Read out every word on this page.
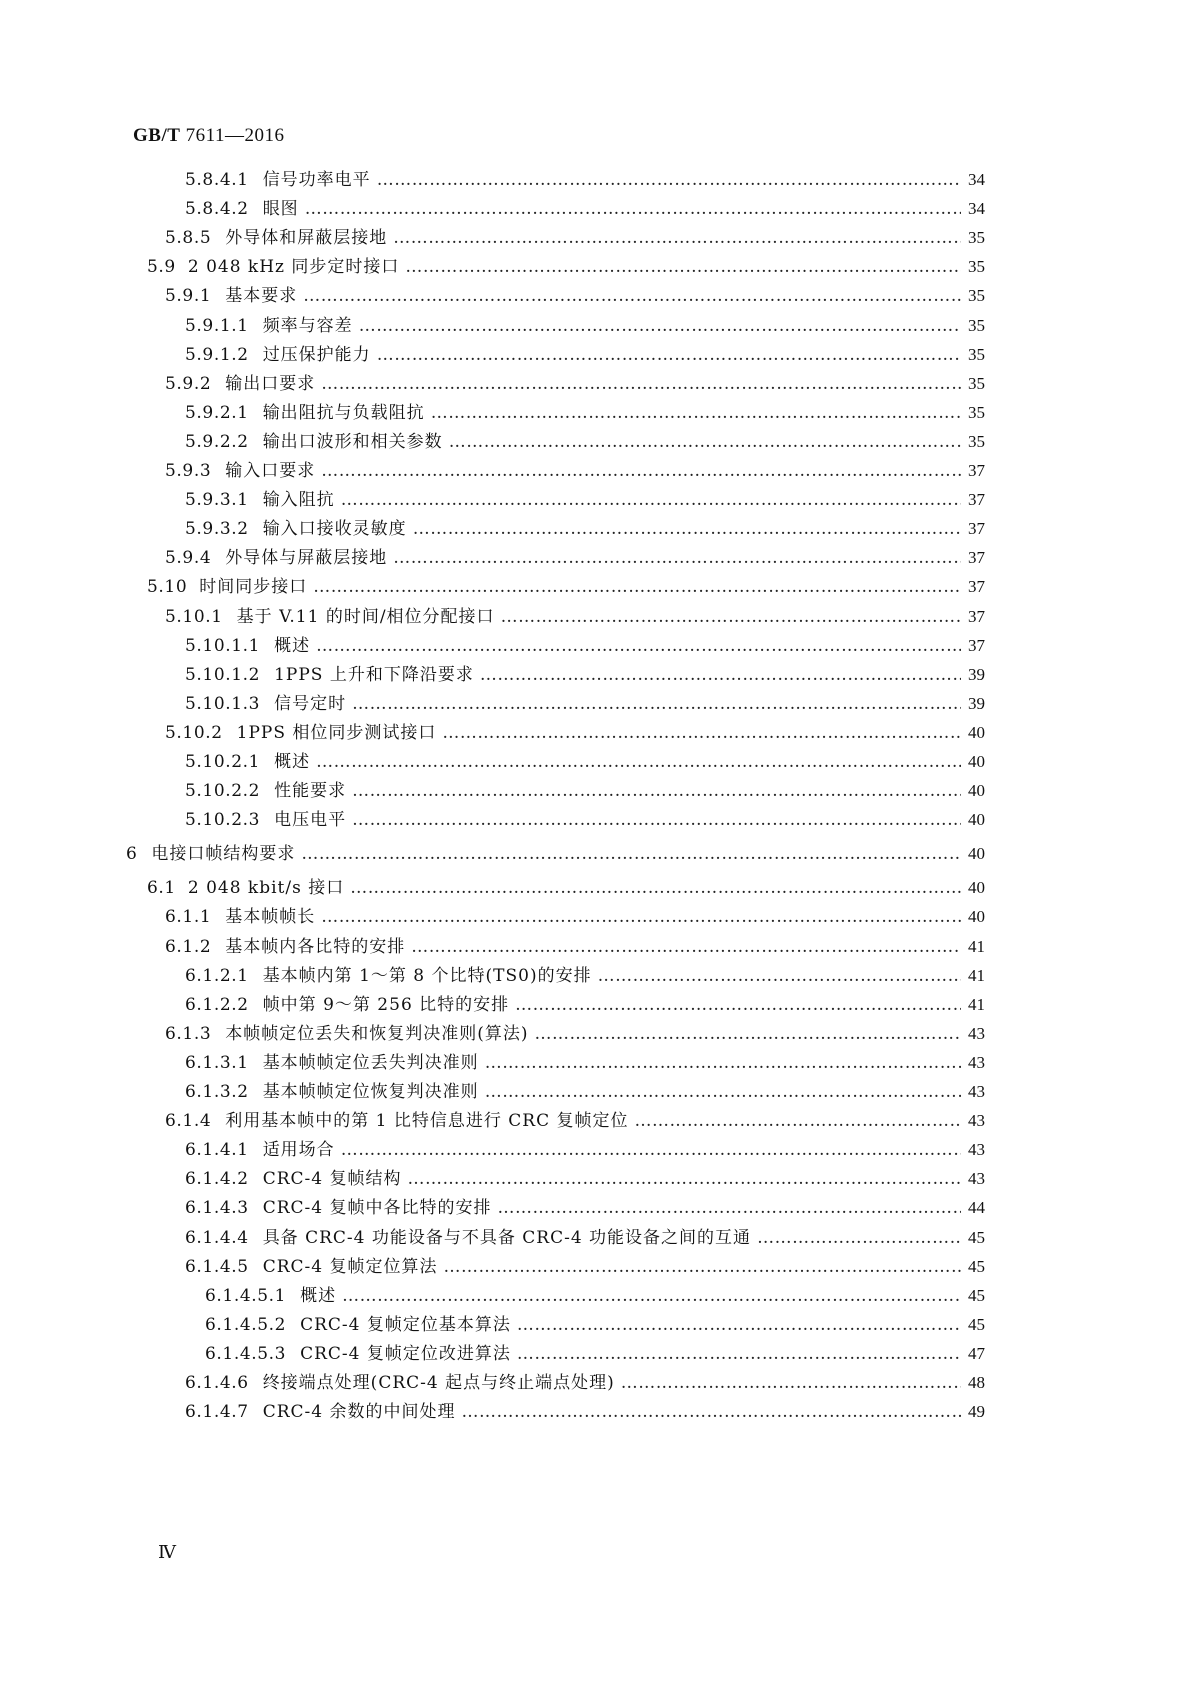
GB/T 7611—2016
5.8.4.1 信号功率电平 ………………………………………………………………………………………………………………………………………………………………………………………………………………………………………………………………………	34
5.8.4.2 眼图 ………………………………………………………………………………………………………………………………………………………………………………………………………………………………………………………………………	34
5.8.5 外导体和屏蔽层接地 ………………………………………………………………………………………………………………………………………………………………………………………………………………………………………………………………………	35
5.9 2 048 kHz 同步定时接口 ………………………………………………………………………………………………………………………………………………………………………………………………………………………………………………………………………	35
5.9.1 基本要求 ………………………………………………………………………………………………………………………………………………………………………………………………………………………………………………………………………	35
5.9.1.1 频率与容差 ………………………………………………………………………………………………………………………………………………………………………………………………………………………………………………………………………	35
5.9.1.2 过压保护能力 ………………………………………………………………………………………………………………………………………………………………………………………………………………………………………………………………………	35
5.9.2 输出口要求 ………………………………………………………………………………………………………………………………………………………………………………………………………………………………………………………………………	35
5.9.2.1 输出阻抗与负载阻抗 ………………………………………………………………………………………………………………………………………………………………………………………………………………………………………………………………………	35
5.9.2.2 输出口波形和相关参数 ………………………………………………………………………………………………………………………………………………………………………………………………………………………………………………………………………	35
5.9.3 输入口要求 ………………………………………………………………………………………………………………………………………………………………………………………………………………………………………………………………………	37
5.9.3.1 输入阻抗 ………………………………………………………………………………………………………………………………………………………………………………………………………………………………………………………………………	37
5.9.3.2 输入口接收灵敏度 ………………………………………………………………………………………………………………………………………………………………………………………………………………………………………………………………………	37
5.9.4 外导体与屏蔽层接地 ………………………………………………………………………………………………………………………………………………………………………………………………………………………………………………………………………	37
5.10 时间同步接口 ………………………………………………………………………………………………………………………………………………………………………………………………………………………………………………………………………	37
5.10.1 基于 V.11 的时间/相位分配接口 ………………………………………………………………………………………………………………………………………………………………………………………………………………………………………………………………………	37
5.10.1.1 概述 ………………………………………………………………………………………………………………………………………………………………………………………………………………………………………………………………………	37
5.10.1.2 1PPS 上升和下降沿要求 ………………………………………………………………………………………………………………………………………………………………………………………………………………………………………………………………………	39
5.10.1.3 信号定时 ………………………………………………………………………………………………………………………………………………………………………………………………………………………………………………………………………	39
5.10.2 1PPS 相位同步测试接口 ………………………………………………………………………………………………………………………………………………………………………………………………………………………………………………………………………	40
5.10.2.1 概述 ………………………………………………………………………………………………………………………………………………………………………………………………………………………………………………………………………	40
5.10.2.2 性能要求 ………………………………………………………………………………………………………………………………………………………………………………………………………………………………………………………………………	40
5.10.2.3 电压电平 ………………………………………………………………………………………………………………………………………………………………………………………………………………………………………………………………………	40
6 电接口帧结构要求 ………………………………………………………………………………………………………………………………………………………………………………………………………………………………………………………………………	40
6.1 2 048 kbit/s 接口 ………………………………………………………………………………………………………………………………………………………………………………………………………………………………………………………………………	40
6.1.1 基本帧帧长 ………………………………………………………………………………………………………………………………………………………………………………………………………………………………………………………………………	40
6.1.2 基本帧内各比特的安排 ………………………………………………………………………………………………………………………………………………………………………………………………………………………………………………………………………	41
6.1.2.1 基本帧内第 1～第 8 个比特(TS0)的安排 ………………………………………………………………………………………………………………………………………………………………………………………………………………………………………………………………………	41
6.1.2.2 帧中第 9～第 256 比特的安排 ………………………………………………………………………………………………………………………………………………………………………………………………………………………………………………………………………	41
6.1.3 本帧帧定位丢失和恢复判决准则(算法) ………………………………………………………………………………………………………………………………………………………………………………………………………………………………………………………………………	43
6.1.3.1 基本帧帧定位丢失判决准则 ………………………………………………………………………………………………………………………………………………………………………………………………………………………………………………………………………	43
6.1.3.2 基本帧帧定位恢复判决准则 ………………………………………………………………………………………………………………………………………………………………………………………………………………………………………………………………………	43
6.1.4 利用基本帧中的第 1 比特信息进行 CRC 复帧定位 ………………………………………………………………………………………………………………………………………………………………………………………………………………………………………………………………………	43
6.1.4.1 适用场合 ………………………………………………………………………………………………………………………………………………………………………………………………………………………………………………………………………	43
6.1.4.2 CRC-4 复帧结构 ………………………………………………………………………………………………………………………………………………………………………………………………………………………………………………………………………	43
6.1.4.3 CRC-4 复帧中各比特的安排 ………………………………………………………………………………………………………………………………………………………………………………………………………………………………………………………………………	44
6.1.4.4 具备 CRC-4 功能设备与不具备 CRC-4 功能设备之间的互通 ………………………………………………………………………………………………………………………………………………………………………………………………………………………………………………………………………	45
6.1.4.5 CRC-4 复帧定位算法 ………………………………………………………………………………………………………………………………………………………………………………………………………………………………………………………………………	45
6.1.4.5.1 概述 ………………………………………………………………………………………………………………………………………………………………………………………………………………………………………………………………………	45
6.1.4.5.2 CRC-4 复帧定位基本算法 ………………………………………………………………………………………………………………………………………………………………………………………………………………………………………………………………………	45
6.1.4.5.3 CRC-4 复帧定位改进算法 ………………………………………………………………………………………………………………………………………………………………………………………………………………………………………………………………………	47
6.1.4.6 终接端点处理(CRC-4 起点与终止端点处理) ………………………………………………………………………………………………………………………………………………………………………………………………………………………………………………………………………	48
6.1.4.7 CRC-4 余数的中间处理 ………………………………………………………………………………………………………………………………………………………………………………………………………………………………………………………………………	49
Ⅳ
